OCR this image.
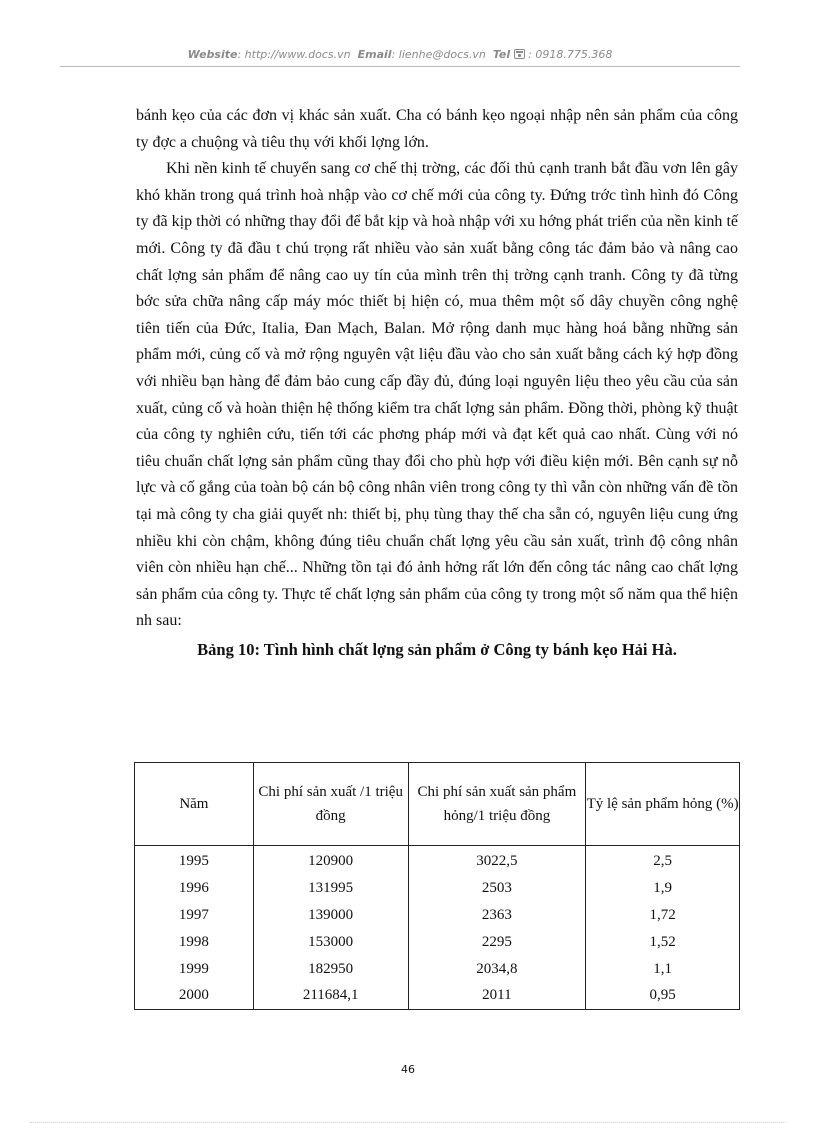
Website: http://www.docs.vn Email: lienhe@docs.vn Tel : 0918.775.368

bánh kẹo của các đơn vị khác sản xuất. Cha có bánh kẹo ngoại nhập nên sản phẩm của công ty đợc a chuộng và tiêu thụ với khối lợng lớn.

Khi nền kinh tế chuyển sang cơ chế thị trờng, các đối thủ cạnh tranh bắt đầu vơn lên gây khó khăn trong quá trình hoà nhập vào cơ chế mới của công ty. Đứng trớc tình hình đó Công ty đã kịp thời có những thay đổi để bắt kịp và hoà nhập với xu hớng phát triển của nền kinh tế mới. Công ty đã đầu t chú trọng rất nhiều vào sản xuất bằng công tác đảm bảo và nâng cao chất lợng sản phẩm để nâng cao uy tín của mình trên thị trờng cạnh tranh. Công ty đã từng bớc sửa chữa nâng cấp máy móc thiết bị hiện có, mua thêm một số dây chuyền công nghệ tiên tiến của Đức, Italia, Đan Mạch, Balan. Mở rộng danh mục hàng hoá bằng những sản phẩm mới, củng cố và mở rộng nguyên vật liệu đầu vào cho sản xuất bằng cách ký hợp đồng với nhiều bạn hàng để đảm bảo cung cấp đầy đủ, đúng loại nguyên liệu theo yêu cầu của sản xuất, củng cố và hoàn thiện hệ thống kiểm tra chất lợng sản phẩm. Đồng thời, phòng kỹ thuật của công ty nghiên cứu, tiến tới các phơng pháp mới và đạt kết quả cao nhất. Cùng với nó tiêu chuẩn chất lợng sản phẩm cũng thay đổi cho phù hợp với điều kiện mới. Bên cạnh sự nỗ lực và cố gắng của toàn bộ cán bộ công nhân viên trong công ty thì vẫn còn những vấn đề tồn tại mà công ty cha giải quyết nh: thiết bị, phụ tùng thay thế cha sẵn có, nguyên liệu cung ứng nhiều khi còn chậm, không đúng tiêu chuẩn chất lợng yêu cầu sản xuất, trình độ công nhân viên còn nhiều hạn chế... Những tồn tại đó ảnh hởng rất lớn đến công tác nâng cao chất lợng sản phẩm của công ty. Thực tế chất lợng sản phẩm của công ty trong một số năm qua thể hiện nh sau:

Bảng 10: Tình hình chất lợng sản phẩm ở Công ty bánh kẹo Hải Hà.

Năm	Chi phí sản xuất /1 triệu đồng	Chi phí sản xuất sản phẩm hỏng/1 triệu đồng	Tỷ lệ sản phẩm hỏng (%)
1995	120900	3022,5	2,5
1996	131995	2503	1,9
1997	139000	2363	1,72
1998	153000	2295	1,52
1999	182950	2034,8	1,1
2000	211684,1	2011	0,95
46
